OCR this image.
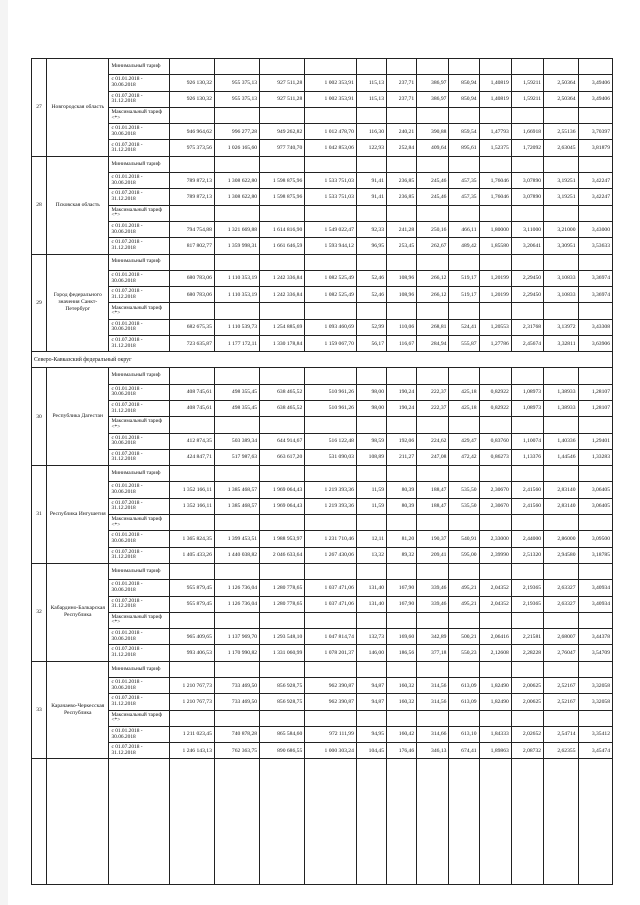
27	Новгородская область	Минимальный тариф												
		с 01.01.2018 - 30.06.2018	926 130,32	955 375,13	927 511,28	1 002 353,91	115,13	237,71	386,97	850,94	1,40819	1,59211	2,50364	3,49406
		с 01.07.2018 - 31.12.2018	926 130,32	955 375,13	927 511,28	1 002 353,91	115,13	237,71	386,97	850,94	1,40819	1,59211	2,50364	3,49406
		Максимальный тариф <*>												
		с 01.01.2018 - 30.06.2018	946 964,62	996 277,28	949 262,82	1 012 478,70	116,30	240,21	390,88	859,54	1,47793	1,66918	2,55136	3,70397
		с 01.07.2018 - 31.12.2018	975 373,56	1 026 165,60	977 740,70	1 042 853,06	122,93	252,84	409,64	895,61	1,52375	1,72092	2,63045	3,81879
28	Псковская область	Минимальный тариф												
		с 01.01.2018 - 30.06.2018	789 872,13	1 308 622,80	1 598 875,96	1 533 751,03	91,41	236,85	245,46	457,35	1,76046	3,07890	3,19251	3,42247
		с 01.07.2018 - 31.12.2018	789 872,13	1 308 622,80	1 598 875,96	1 533 751,03	91,41	236,85	245,46	457,35	1,76046	3,07890	3,19251	3,42247
		Максимальный тариф <*>												
		с 01.01.2018 - 30.06.2018	794 754,88	1 321 669,88	1 614 816,90	1 549 022,47	92,33	241,28	250,16	466,11	1,80000	3,11000	3,21000	3,43000
		с 01.07.2018 - 31.12.2018	817 802,77	1 359 998,31	1 661 646,59	1 593 944,12	96,95	253,45	262,67	489,42	1,85580	3,20641	3,30951	3,53633
29	Город федерального значения Санкт-Петербург	Минимальный тариф												
		с 01.01.2018 - 30.06.2018	680 783,06	1 110 353,19	1 242 336,84	1 082 525,49	52,46	108,96	266,12	519,17	1,20199	2,29450	3,10833	3,36974
		с 01.07.2018 - 31.12.2018	680 783,06	1 110 353,19	1 242 336,84	1 082 525,49	52,46	108,96	266,12	519,17	1,20199	2,29450	3,10833	3,36974
		Максимальный тариф <*>												
		с 01.01.2018 - 30.06.2018	682 675,35	1 110 539,73	1 254 885,69	1 093 460,69	52,99	110,06	268,81	524,41	1,20553	2,31768	3,13972	3,43308
		с 01.07.2018 - 31.12.2018	723 635,87	1 177 172,11	1 330 178,84	1 159 067,70	56,17	116,67	284,94	555,87	1,27786	2,45674	3,32811	3,63906
Северо-Кавказский федеральный округ														
30	Республика Дагестан	Минимальный тариф												
		с 01.01.2018 - 30.06.2018	408 745,61	498 355,45	638 465,52	510 961,26	98,00	190,24	222,37	425,18	0,82922	1,08973	1,38933	1,28107
		с 01.07.2018 - 31.12.2018	408 745,61	498 355,45	638 465,52	510 961,26	98,00	190,24	222,37	425,18	0,82922	1,08973	1,38933	1,28107
		Максимальный тариф <*>												
		с 01.01.2018 - 30.06.2018	412 874,35	503 389,34	644 914,67	516 122,48	98,59	192,06	224,62	429,47	0,83760	1,10074	1,40336	1,29401
		с 01.07.2018 - 31.12.2018	424 847,71	517 987,63	663 617,20	531 090,03	108,89	211,27	247,08	472,42	0,86273	1,13376	1,44546	1,33283
31	Республика Ингушетия	Минимальный тариф												
		с 01.01.2018 - 30.06.2018	1 352 166,11	1 385 468,57	1 969 064,43	1 219 393,36	11,59	80,39	188,47	535,50	2,30670	2,41560	2,83140	3,06405
		с 01.07.2018 - 31.12.2018	1 352 166,11	1 385 468,57	1 969 064,43	1 219 393,36	11,59	80,39	188,47	535,50	2,30670	2,41560	2,83140	3,06405
		Максимальный тариф <*>												
		с 01.01.2018 - 30.06.2018	1 365 824,35	1 399 453,51	1 988 953,97	1 231 710,46	12,11	81,20	190,37	540,91	2,33000	2,44000	2,86000	3,09500
		с 01.07.2018 - 31.12.2018	1 405 433,26	1 440 038,82	2 046 633,64	1 267 430,06	13,32	89,32	209,41	595,00	2,39990	2,51320	2,94580	3,18785
32	Кабардино-Балкарская Республика	Минимальный тариф												
		с 01.01.2018 - 30.06.2018	955 879,45	1 126 736,04	1 280 778,65	1 037 471,06	131,40	167,90	339,46	495,21	2,04352	2,19365	2,63327	3,40934
		с 01.07.2018 - 31.12.2018	955 879,45	1 126 736,04	1 280 778,65	1 037 471,06	131,40	167,90	339,46	495,21	2,04352	2,19365	2,63327	3,40934
		Максимальный тариф <*>												
		с 01.01.2018 - 30.06.2018	965 409,65	1 137 969,70	1 293 548,10	1 047 814,74	132,73	169,60	342,89	500,21	2,06416	2,21581	2,68007	3,44378
		с 01.07.2018 - 31.12.2018	993 406,53	1 170 990,82	1 331 060,99	1 078 201,37	146,00	186,56	377,18	550,23	2,12608	2,28228	2,76047	3,54709
33	Карачаево-Черкесская Республика	Минимальный тариф												
		с 01.01.2018 - 30.06.2018	1 210 767,73	733 469,50	856 928,75	962 390,87	94,87	160,32	314,56	613,09	1,82490	2,00625	2,52167	3,32058
		с 01.07.2018 - 31.12.2018	1 210 767,73	733 469,50	856 928,75	962 390,87	94,87	160,32	314,56	613,09	1,82490	2,00625	2,52167	3,32058
		Максимальный тариф <*>												
		с 01.01.2018 - 30.06.2018	1 211 023,45	740 878,28	865 584,60	972 111,99	94,95	160,42	314,66	613,10	1,84333	2,02652	2,54714	3,35412
		с 01.07.2018 - 31.12.2018	1 246 143,13	762 363,75	890 686,55	1 000 303,24	104,45	176,46	346,13	674,41	1,89863	2,08732	2,62355	3,45474
